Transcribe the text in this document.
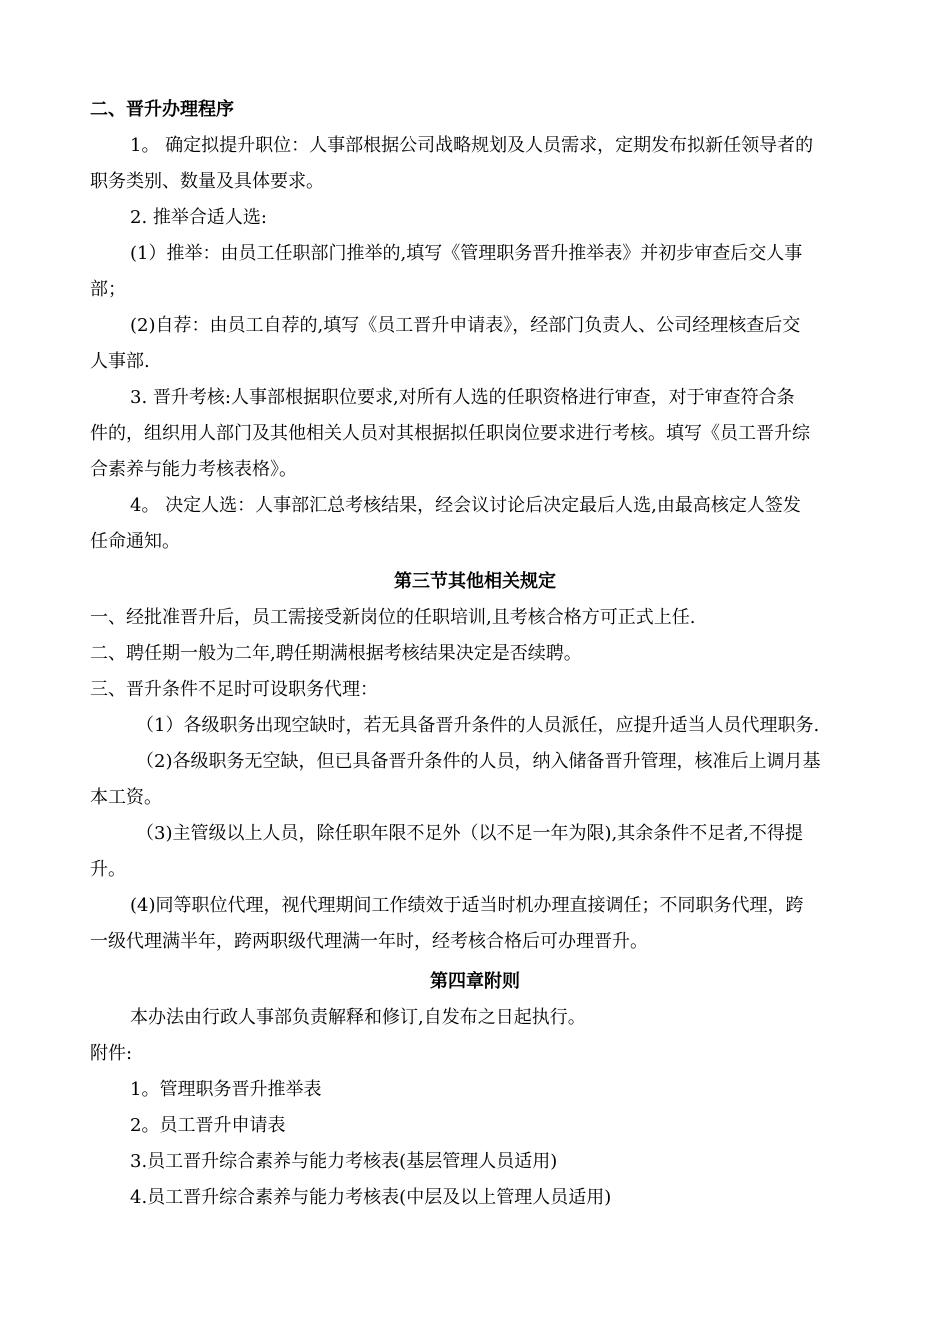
二、晋升办理程序
1。 确定拟提升职位：人事部根据公司战略规划及人员需求，定期发布拟新任领导者的
职务类别、数量及具体要求。
2. 推举合适人选:
(1）推举：由员工任职部门推举的,填写《管理职务晋升推举表》并初步审查后交人事
部；
(2)自荐：由员工自荐的,填写《员工晋升申请表》，经部门负责人、公司经理核查后交
人事部.
3. 晋升考核:人事部根据职位要求,对所有人选的任职资格进行审查，对于审查符合条
件的，组织用人部门及其他相关人员对其根据拟任职岗位要求进行考核。填写《员工晋升综
合素养与能力考核表格》。
4。 决定人选：人事部汇总考核结果，经会议讨论后决定最后人选,由最高核定人签发
任命通知。
第三节其他相关规定
一、经批准晋升后，员工需接受新岗位的任职培训,且考核合格方可正式上任.
二、聘任期一般为二年,聘任期满根据考核结果决定是否续聘。
三、晋升条件不足时可设职务代理：
（1）各级职务出现空缺时，若无具备晋升条件的人员派任，应提升适当人员代理职务.
（2)各级职务无空缺，但已具备晋升条件的人员，纳入储备晋升管理，核准后上调月基
本工资。
（3)主管级以上人员，除任职年限不足外（以不足一年为限),其余条件不足者,不得提
升。
(4)同等职位代理，视代理期间工作绩效于适当时机办理直接调任；不同职务代理，跨
一级代理满半年，跨两职级代理满一年时，经考核合格后可办理晋升。
第四章附则
本办法由行政人事部负责解释和修订,自发布之日起执行。
附件:
1。管理职务晋升推举表
2。员工晋升申请表
3.员工晋升综合素养与能力考核表(基层管理人员适用)
4.员工晋升综合素养与能力考核表(中层及以上管理人员适用)
